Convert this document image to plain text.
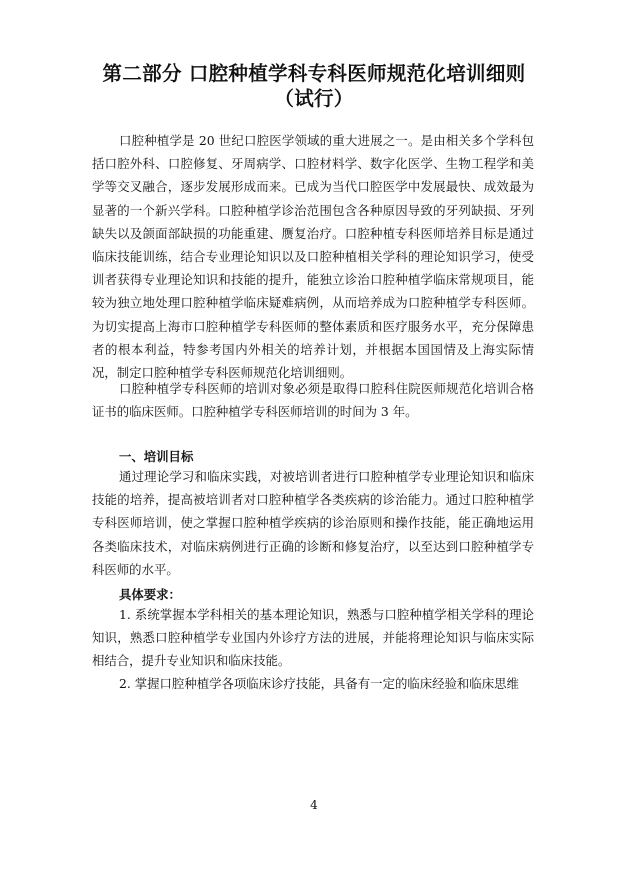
第二部分 口腔种植学科专科医师规范化培训细则
（试行）

口腔种植学是 20 世纪口腔医学领域的重大进展之一。是由相关多个学科包括口腔外科、口腔修复、牙周病学、口腔材料学、数字化医学、生物工程学和美学等交叉融合，逐步发展形成而来。已成为当代口腔医学中发展最快、成效最为显著的一个新兴学科。口腔种植学诊治范围包含各种原因导致的牙列缺损、牙列缺失以及颌面部缺损的功能重建、赝复治疗。口腔种植专科医师培养目标是通过临床技能训练，结合专业理论知识以及口腔种植相关学科的理论知识学习，使受训者获得专业理论知识和技能的提升，能独立诊治口腔种植学临床常规项目，能较为独立地处理口腔种植学临床疑难病例，从而培养成为口腔种植学专科医师。为切实提高上海市口腔种植学专科医师的整体素质和医疗服务水平，充分保障患者的根本利益，特参考国内外相关的培养计划，并根据本国国情及上海实际情况，制定口腔种植学专科医师规范化培训细则。

口腔种植学专科医师的培训对象必须是取得口腔科住院医师规范化培训合格证书的临床医师。口腔种植学专科医师培训的时间为 3 年。

一、培训目标

通过理论学习和临床实践，对被培训者进行口腔种植学专业理论知识和临床技能的培养，提高被培训者对口腔种植学各类疾病的诊治能力。通过口腔种植学专科医师培训，使之掌握口腔种植学疾病的诊治原则和操作技能，能正确地运用各类临床技术，对临床病例进行正确的诊断和修复治疗，以至达到口腔种植学专科医师的水平。

具体要求：

1. 系统掌握本学科相关的基本理论知识，熟悉与口腔种植学相关学科的理论知识，熟悉口腔种植学专业国内外诊疗方法的进展，并能将理论知识与临床实际相结合，提升专业知识和临床技能。

2. 掌握口腔种植学各项临床诊疗技能，具备有一定的临床经验和临床思维

4
